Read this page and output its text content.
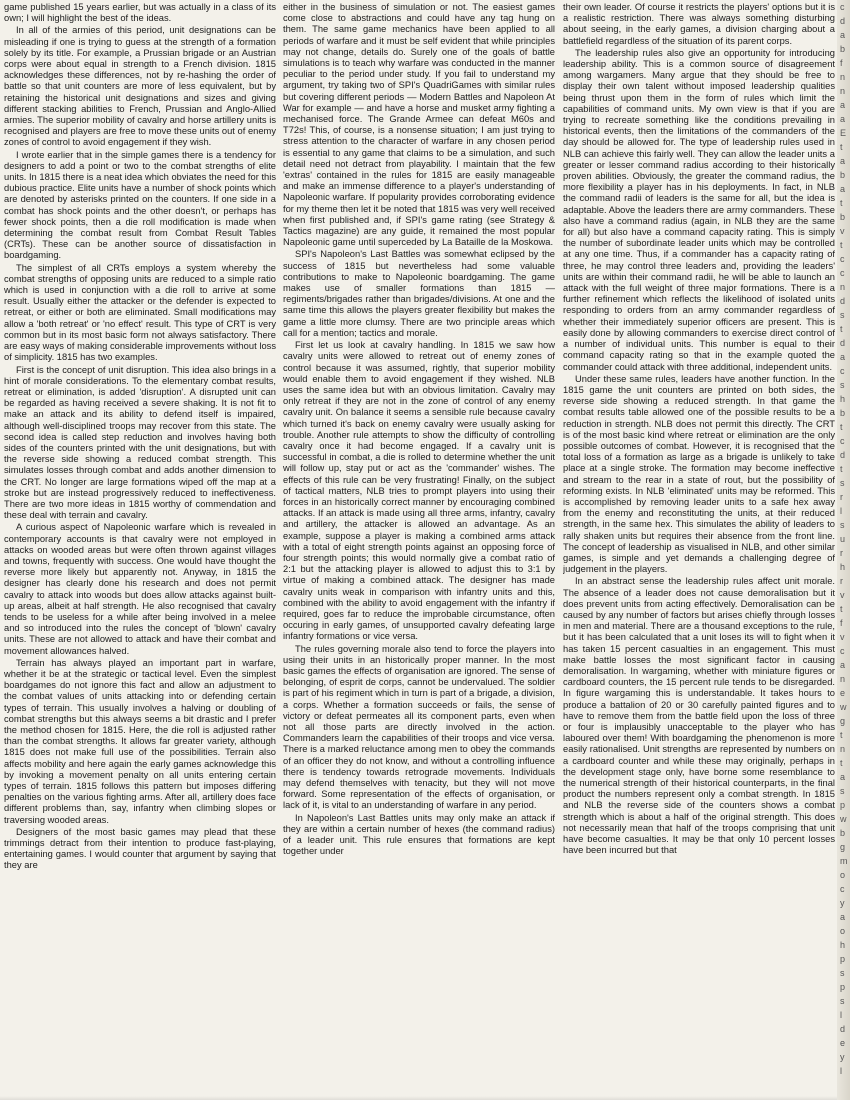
game published 15 years earlier, but was actually in a class of its own; I will highlight the best of the ideas.

In all of the armies of this period, unit designations can be misleading if one is trying to guess at the strength of a formation solely by its title. For example, a Prussian brigade or an Austrian corps were about equal in strength to a French division. 1815 acknowledges these differences, not by re-hashing the order of battle so that unit counters are more of less equivalent, but by retaining the historical unit designations and sizes and giving different stacking abilities to French, Prussian and Anglo-Allied armies. The superior mobility of cavalry and horse artillery units is recognised and players are free to move these units out of enemy zones of control to avoid engagement if they wish.

I wrote earlier that in the simple games there is a tendency for designers to add a point or two to the combat strengths of elite units. In 1815 there is a neat idea which obviates the need for this dubious practice. Elite units have a number of shock points which are denoted by asterisks printed on the counters. If one side in a combat has shock points and the other doesn't, or perhaps has fewer shock points, then a die roll modification is made when determining the combat result from Combat Result Tables (CRTs). These can be another source of dissatisfaction in boardgaming.

The simplest of all CRTs employs a system whereby the combat strengths of opposing units are reduced to a simple ratio which is used in conjunction with a die roll to arrive at some result. Usually either the attacker or the defender is expected to retreat, or either or both are eliminated. Small modifications may allow a 'both retreat' or 'no effect' result. This type of CRT is very common but in its most basic form not always satisfactory. There are easy ways of making considerable improvements without loss of simplicity. 1815 has two examples.

First is the concept of unit disruption. This idea also brings in a hint of morale considerations. To the elementary combat results, retreat or elimination, is added 'disruption'. A disrupted unit can be regarded as having received a severe shaking. It is not fit to make an attack and its ability to defend itself is impaired, although well-disciplined troops may recover from this state. The second idea is called step reduction and involves having both sides of the counters printed with the unit designations, but with the reverse side showing a reduced combat strength. This simulates losses through combat and adds another dimension to the CRT. No longer are large formations wiped off the map at a stroke but are instead progressively reduced to ineffectiveness. There are two more ideas in 1815 worthy of commendation and these deal with terrain and cavalry.

A curious aspect of Napoleonic warfare which is revealed in contemporary accounts is that cavalry were not employed in attacks on wooded areas but were often thrown against villages and towns, frequently with success. One would have thought the reverse more likely but apparently not. Anyway, in 1815 the designer has clearly done his research and does not permit cavalry to attack into woods but does allow attacks against built-up areas, albeit at half strength. He also recognised that cavalry tends to be useless for a while after being involved in a melee and so introduced into the rules the concept of 'blown' cavalry units. These are not allowed to attack and have their combat and movement allowances halved.

Terrain has always played an important part in warfare, whether it be at the strategic or tactical level. Even the simplest boardgames do not ignore this fact and allow an adjustment to the combat values of units attacking into or defending certain types of terrain. This usually involves a halving or doubling of combat strengths but this always seems a bit drastic and I prefer the method chosen for 1815. Here, the die roll is adjusted rather than the combat strengths. It allows far greater variety, although 1815 does not make full use of the possibilities. Terrain also affects mobility and here again the early games acknowledge this by invoking a movement penalty on all units entering certain types of terrain. 1815 follows this pattern but imposes differing penalties on the various fighting arms. After all, artillery does face different problems than, say, infantry when climbing slopes or traversing wooded areas.

Designers of the most basic games may plead that these trimmings detract from their intention to produce fast-playing, entertaining games. I would counter that argument by saying that they are

either in the business of simulation or not. The easiest games come close to abstractions and could have any tag hung on them. The same game mechanics have been applied to all periods of warfare and it must be self evident that while principles may not change, details do. Surely one of the goals of battle simulations is to teach why warfare was conducted in the manner peculiar to the period under study. If you fail to understand my argument, try taking two of SPI's QuadriGames with similar rules but covering different periods — Modern Battles and Napoleon At War for example — and have a horse and musket army fighting a mechanised force. The Grande Armee can defeat M60s and T72s! This, of course, is a nonsense situation; I am just trying to stress attention to the character of warfare in any chosen period is essential to any game that claims to be a simulation, and such detail need not detract from playability. I maintain that the few 'extras' contained in the rules for 1815 are easily manageable and make an immense difference to a player's understanding of Napoleonic warfare. If popularity provides corroborating evidence for my theme then let it be noted that 1815 was very well received when first published and, if SPI's game rating (see Strategy & Tactics magazine) are any guide, it remained the most popular Napoleonic game until superceded by La Bataille de la Moskowa.

SPI's Napoleon's Last Battles was somewhat eclipsed by the success of 1815 but nevertheless had some valuable contributions to make to Napoleonic boardgaming. The game makes use of smaller formations than 1815 — regiments/brigades rather than brigades/divisions. At one and the same time this allows the players greater flexibility but makes the game a little more clumsy. There are two principle areas which call for a mention; tactics and morale.

First let us look at cavalry handling. In 1815 we saw how cavalry units were allowed to retreat out of enemy zones of control because it was assumed, rightly, that superior mobility would enable them to avoid engagement if they wished. NLB uses the same idea but with an obvious limitation. Cavalry may only retreat if they are not in the zone of control of any enemy cavalry unit. On balance it seems a sensible rule because cavalry which turned it's back on enemy cavalry were usually asking for trouble. Another rule attempts to show the difficulty of controlling cavalry once it had become engaged. If a cavalry unit is successful in combat, a die is rolled to determine whether the unit will follow up, stay put or act as the 'commander' wishes. The effects of this rule can be very frustrating! Finally, on the subject of tactical matters, NLB tries to prompt players into using their forces in an historically correct manner by encouraging combined attacks. If an attack is made using all three arms, infantry, cavalry and artillery, the attacker is allowed an advantage. As an example, suppose a player is making a combined arms attack with a total of eight strength points against an opposing force of four strength points; this would normally give a combat ratio of 2:1 but the attacking player is allowed to adjust this to 3:1 by virtue of making a combined attack. The designer has made cavalry units weak in comparison with infantry units and this, combined with the ability to avoid engagement with the infantry if required, goes far to reduce the improbable circumstance, often occuring in early games, of unsupported cavalry defeating large infantry formations or vice versa.

The rules governing morale also tend to force the players into using their units in an historically proper manner. In the most basic games the effects of organisation are ignored. The sense of belonging, of esprit de corps, cannot be undervalued. The soldier is part of his regiment which in turn is part of a brigade, a division, a corps. Whether a formation succeeds or fails, the sense of victory or defeat permeates all its component parts, even when not all those parts are directly involved in the action. Commanders learn the capabilities of their troops and vice versa. There is a marked reluctance among men to obey the commands of an officer they do not know, and without a controlling influence there is tendency towards retrograde movements. Individuals may defend themselves with tenacity, but they will not move forward. Some representation of the effects of organisation, or lack of it, is vital to an understanding of warfare in any period.

In Napoleon's Last Battles units may only make an attack if they are within a certain number of hexes (the command radius) of a leader unit. This rule ensures that formations are kept together under

their own leader. Of course it restricts the players' options but it is a realistic restriction. There was always something disturbing about seeing, in the early games, a division charging about a battlefield regardless of the situation of its parent corps.

The leadership rules also give an opportunity for introducing leadership ability. This is a common source of disagreement among wargamers. Many argue that they should be free to display their own talent without imposed leadership qualities being thrust upon them in the form of rules which limit the capabilities of command units. My own view is that if you are trying to recreate something like the conditions prevailing in historical events, then the limitations of the commanders of the day should be allowed for. The type of leadership rules used in NLB can achieve this fairly well. They can allow the leader units a greater or lesser command radius according to their historically proven abilities. Obviously, the greater the command radius, the more flexibility a player has in his deployments. In fact, in NLB the command radii of leaders is the same for all, but the idea is adaptable. Above the leaders there are army commanders. These also have a command radius (again, in NLB they are the same for all) but also have a command capacity rating. This is simply the number of subordinate leader units which may be controlled at any one time. Thus, if a commander has a capacity rating of three, he may control three leaders and, providing the leaders' units are within their command radii, he will be able to launch an attack with the full weight of three major formations. There is a further refinement which reflects the likelihood of isolated units responding to orders from an army commander regardless of whether their immediately superior officers are present. This is easily done by allowing commanders to exercise direct control of a number of individual units. This number is equal to their command capacity rating so that in the example quoted the commander could attack with three additional, independent units.

Under these same rules, leaders have another function. In the 1815 game the unit counters are printed on both sides, the reverse side showing a reduced strength. In that game the combat results table allowed one of the possible results to be a reduction in strength. NLB does not permit this directly. The CRT is of the most basic kind where retreat or elimination are the only possible outcomes of combat. However, it is recognised that the total loss of a formation as large as a brigade is unlikely to take place at a single stroke. The formation may become ineffective and stream to the rear in a state of rout, but the possibility of reforming exists. In NLB 'eliminated' units may be reformed. This is accomplished by removing leader units to a safe hex away from the enemy and reconstituting the units, at their reduced strength, in the same hex. This simulates the ability of leaders to rally shaken units but requires their absence from the front line. The concept of leadership as visualised in NLB, and other similar games, is simple and yet demands a challenging degree of judgement in the players.

In an abstract sense the leadership rules affect unit morale. The absence of a leader does not cause demoralisation but it does prevent units from acting effectively. Demoralisation can be caused by any number of factors but arises chiefly through losses in men and material. There are a thousand exceptions to the rule, but it has been calculated that a unit loses its will to fight when it has taken 15 percent casualties in an engagement. This must make battle losses the most significant factor in causing demoralisation. In wargaming, whether with miniature figures or cardboard counters, the 15 percent rule tends to be disregarded. In figure wargaming this is understandable. It takes hours to produce a battalion of 20 or 30 carefully painted figures and to have to remove them from the battle field upon the loss of three or four is implausibly unacceptable to the player who has laboured over them! With boardgaming the phenomenon is more easily rationalised. Unit strengths are represented by numbers on a cardboard counter and while these may originally, perhaps in the development stage only, have borne some resemblance to the numerical strength of their historical counterparts, in the final product the numbers represent only a combat strength. In 1815 and NLB the reverse side of the counters shows a combat strength which is about a half of the original strength. This does not necessarily mean that half of the troops comprising that unit have become casualties. It may be that only 10 percent losses have been incurred but that

c
d
a
b
f
n
n
a
a
E
t
a
b
a
t
b
v
t
c
c
n
d
s
t
d
a
c
s
h
b
t
c
d
t
s
r
l
s
u
r
h
r
v
t
f
v
c
a
n
e
w
g
t
n
t
a
s
p
w
b
g
m
o
c
y
a
o
h
p
s
p
s
l
d
e
y
l
